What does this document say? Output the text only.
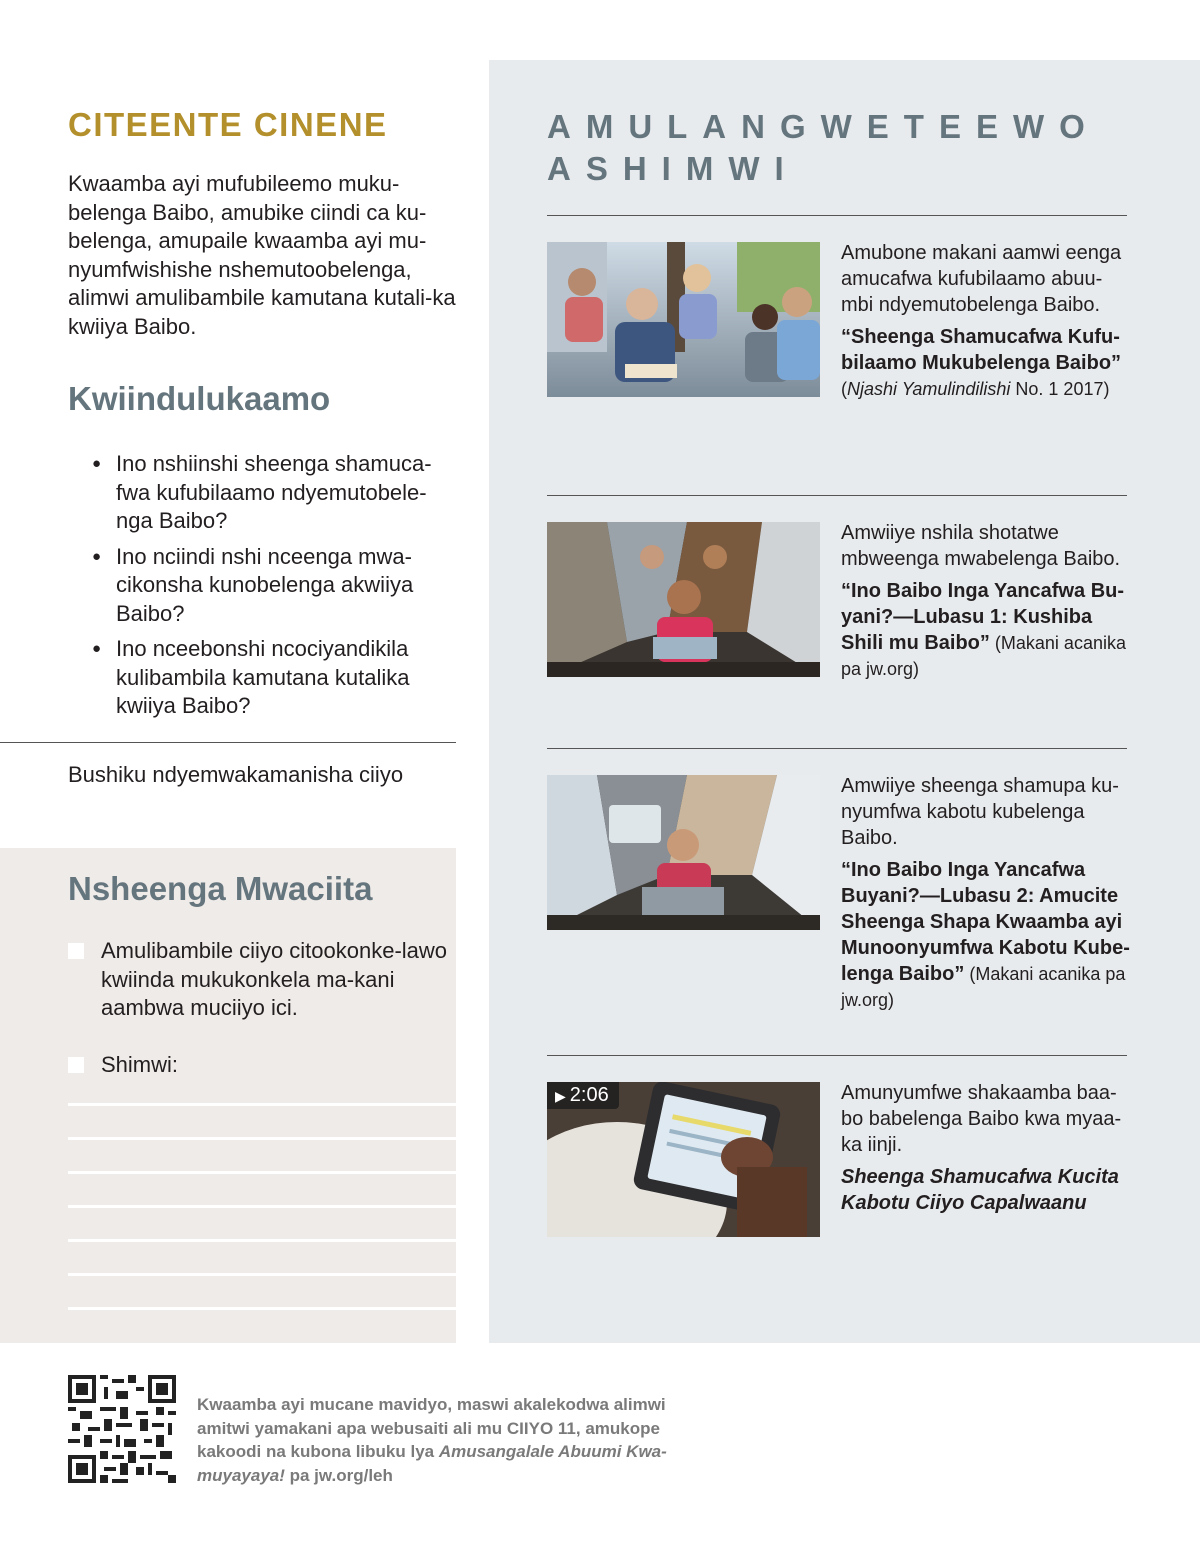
CITEENTE CINENE

Kwaamba ayi mufubileemo muku-belenga Baibo, amubike ciindi ca ku-belenga, amupaile kwaamba ayi mu-nyumfwishishe nshemutoobelenga, alimwi amulibambile kamutana kutali-ka kwiiya Baibo.

Kwiindulukaamo
● Ino nshiinshi sheenga shamuca-fwa kufubilaamo ndyemutobele-nga Baibo?
● Ino nciindi nshi nceenga mwa-cikonsha kunobelenga akwiiya Baibo?
● Ino nceebonshi ncociyandikila kulibambila kamutana kutalika kwiiya Baibo?

Bushiku ndyemwakamanisha ciiyo

Nsheenga Mwaciita
Amulibambile ciiyo citookonke-lawo kwiinda mukukonkela ma-kani aambwa muciiyo ici.
Shimwi:
AMULANGWETEEWO ASHIMWI
Amubone makani aamwi eenga amucafwa kufubilaamo abuu-mbi ndyemutobelenga Baibo.
“Sheenga Shamucafwa Kufu-bilaamo Mukubelenga Baibo” (Njashi Yamulindilishi No. 1 2017)
Amwiiye nshila shotatwe mbweenga mwabelenga Baibo.
“Ino Baibo Inga Yancafwa Bu-yani?—Lubasu 1: Kushiba Shili mu Baibo” (Makani acanika pa jw.org)
Amwiiye sheenga shamupa ku-nyumfwa kabotu kubelenga Baibo.
“Ino Baibo Inga Yancafwa Buyani?—Lubasu 2: Amucite Sheenga Shapa Kwaamba ayi Munoonyumfwa Kabotu Kube-lenga Baibo” (Makani acanika pa jw.org)
▶ 2:06	Amunyumfwe shakaamba baa-bo babelenga Baibo kwa myaa-ka iinji.
Sheenga Shamucafwa Kucita Kabotu Ciiyo Capalwaanu

Kwaamba ayi mucane mavidyo, maswi akalekodwa alimwi amitwi yamakani apa webusaiti ali mu CIIYO 11, amukope kakoodi na kubona libuku lya Amusangalale Abuumi Kwa-muyayaya! pa jw.org/leh
